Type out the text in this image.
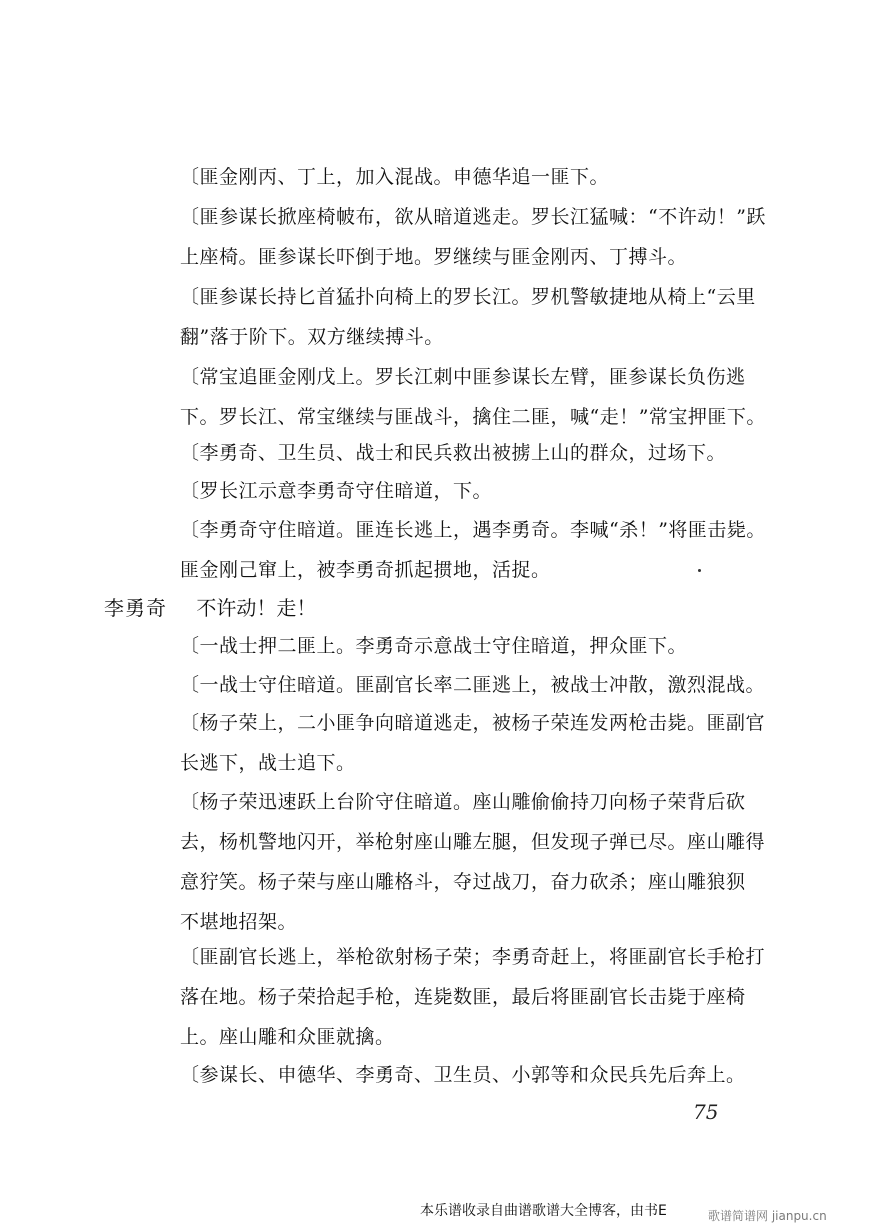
〔匪金刚丙、丁上，加入混战。申德华追一匪下。
〔匪参谋长掀座椅帔布，欲从暗道逃走。罗长江猛喊：“不许动！”跃
上座椅。匪参谋长吓倒于地。罗继续与匪金刚丙、丁搏斗。
〔匪参谋长持匕首猛扑向椅上的罗长江。罗机警敏捷地从椅上“云里
翻”落于阶下。双方继续搏斗。
〔常宝追匪金刚戊上。罗长江刺中匪参谋长左臂，匪参谋长负伤逃
下。罗长江、常宝继续与匪战斗，擒住二匪，喊“走！”常宝押匪下。
〔李勇奇、卫生员、战士和民兵救出被掳上山的群众，过场下。
〔罗长江示意李勇奇守住暗道，下。
〔李勇奇守住暗道。匪连长逃上，遇李勇奇。李喊“杀！”将匪击毙。
匪金刚己窜上，被李勇奇抓起掼地，活捉。
李勇奇 不许动！走！
〔一战士押二匪上。李勇奇示意战士守住暗道，押众匪下。
〔一战士守住暗道。匪副官长率二匪逃上，被战士冲散，激烈混战。
〔杨子荣上，二小匪争向暗道逃走，被杨子荣连发两枪击毙。匪副官
长逃下，战士追下。
〔杨子荣迅速跃上台阶守住暗道。座山雕偷偷持刀向杨子荣背后砍
去，杨机警地闪开，举枪射座山雕左腿，但发现子弹已尽。座山雕得
意狞笑。杨子荣与座山雕格斗，夺过战刀，奋力砍杀；座山雕狼狈
不堪地招架。
〔匪副官长逃上，举枪欲射杨子荣；李勇奇赶上，将匪副官长手枪打
落在地。杨子荣拾起手枪，连毙数匪，最后将匪副官长击毙于座椅
上。座山雕和众匪就擒。
〔参谋长、申德华、李勇奇、卫生员、小郭等和众民兵先后奔上。
75
本乐谱收录自曲谱歌谱大全博客，由书E	歌谱简谱网 jianpu.cn
